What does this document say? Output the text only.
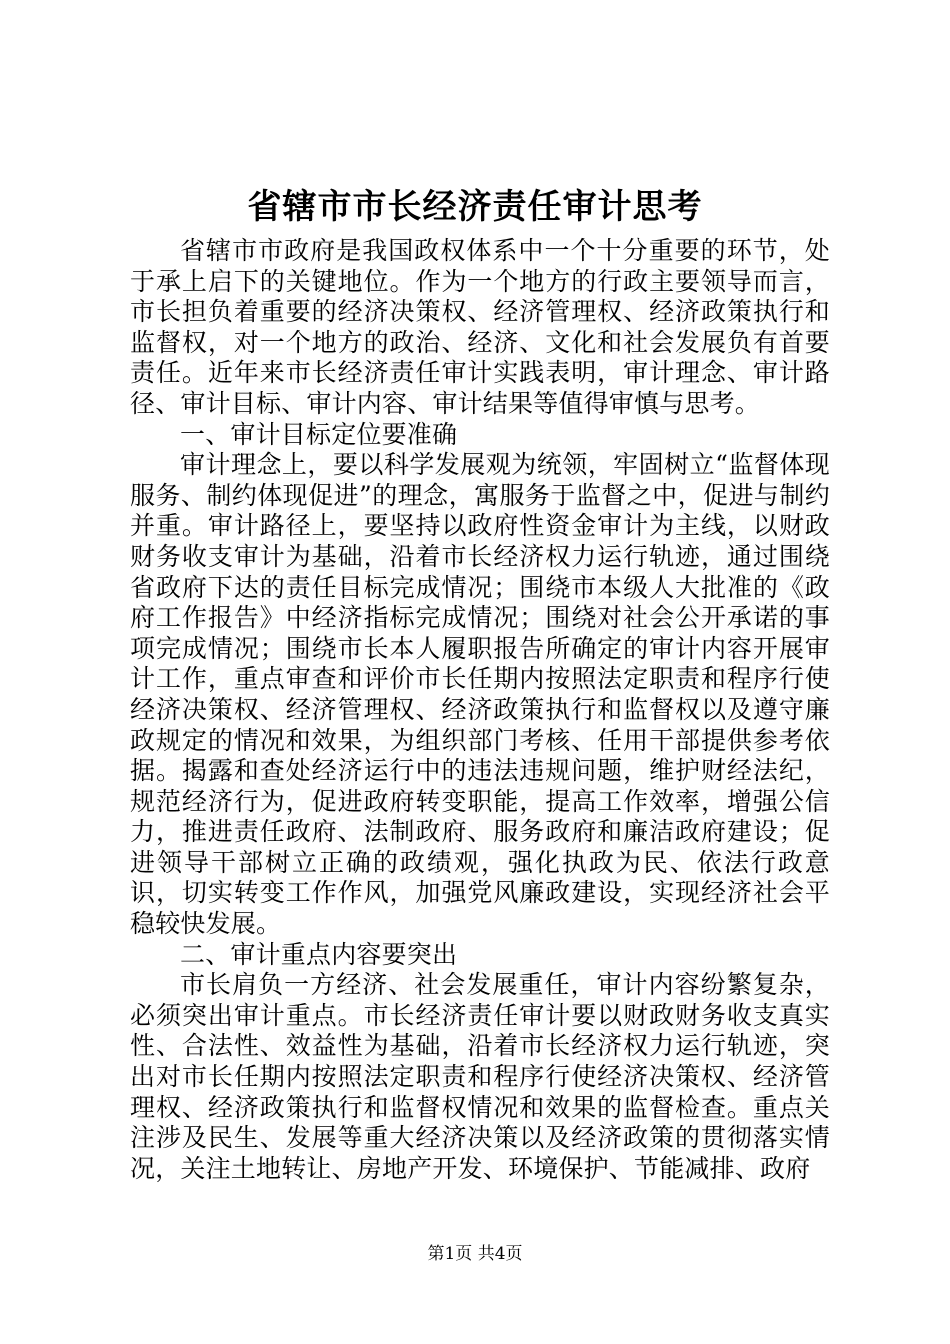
省辖市市长经济责任审计思考

省辖市市政府是我国政权体系中一个十分重要的环节，处于承上启下的关键地位。作为一个地方的行政主要领导而言，市长担负着重要的经济决策权、经济管理权、经济政策执行和监督权，对一个地方的政治、经济、文化和社会发展负有首要责任。近年来市长经济责任审计实践表明，审计理念、审计路径、审计目标、审计内容、审计结果等值得审慎与思考。

一、审计目标定位要准确

审计理念上，要以科学发展观为统领，牢固树立“监督体现服务、制约体现促进”的理念，寓服务于监督之中，促进与制约并重。审计路径上，要坚持以政府性资金审计为主线，以财政财务收支审计为基础，沿着市长经济权力运行轨迹，通过围绕省政府下达的责任目标完成情况；围绕市本级人大批准的《政府工作报告》中经济指标完成情况；围绕对社会公开承诺的事项完成情况；围绕市长本人履职报告所确定的审计内容开展审计工作，重点审查和评价市长任期内按照法定职责和程序行使经济决策权、经济管理权、经济政策执行和监督权以及遵守廉政规定的情况和效果，为组织部门考核、任用干部提供参考依据。揭露和查处经济运行中的违法违规问题，维护财经法纪，规范经济行为，促进政府转变职能，提高工作效率，增强公信力，推进责任政府、法制政府、服务政府和廉洁政府建设；促进领导干部树立正确的政绩观，强化执政为民、依法行政意识，切实转变工作作风，加强党风廉政建设，实现经济社会平稳较快发展。

二、审计重点内容要突出

市长肩负一方经济、社会发展重任，审计内容纷繁复杂，必须突出审计重点。市长经济责任审计要以财政财务收支真实性、合法性、效益性为基础，沿着市长经济权力运行轨迹，突出对市长任期内按照法定职责和程序行使经济决策权、经济管理权、经济政策执行和监督权情况和效果的监督检查。重点关注涉及民生、发展等重大经济决策以及经济政策的贯彻落实情况，关注土地转让、房地产开发、环境保护、节能减排、政府

第1页 共4页
